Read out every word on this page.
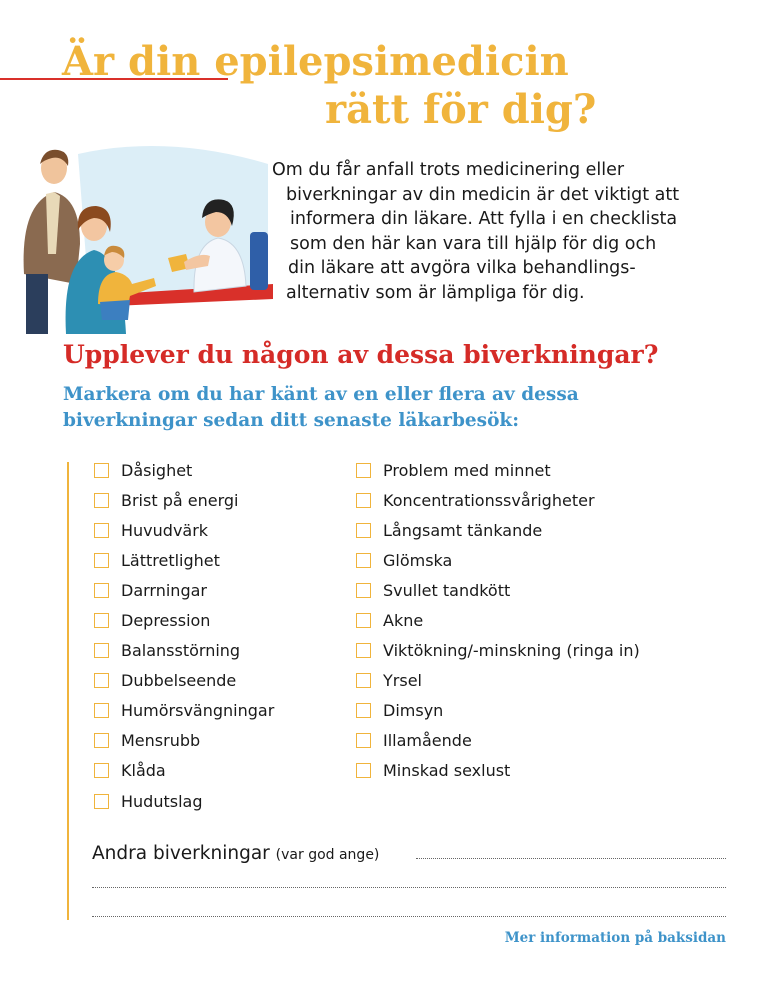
Är din epilepsimedicin
rätt för dig?
Om du får anfall trots medicinering eller
biverkningar av din medicin är det viktigt att
informera din läkare. Att fylla i en checklista
som den här kan vara till hjälp för dig och
din läkare att avgöra vilka behandlings-
alternativ som är lämpliga för dig.
Upplever du någon av dessa biverkningar?
Markera om du har känt av en eller flera av dessa
biverkningar sedan ditt senaste läkarbesök:
Dåsighet
Brist på energi
Huvudvärk
Lättretlighet
Darrningar
Depression
Balansstörning
Dubbelseende
Humörsvängningar
Mensrubb
Klåda
Hudutslag
Problem med minnet
Koncentrationssvårigheter
Långsamt tänkande
Glömska
Svullet tandkött
Akne
Viktökning/-minskning (ringa in)
Yrsel
Dimsyn
Illamående
Minskad sexlust
Andra biverkningar (var god ange)
Mer information på baksidan
